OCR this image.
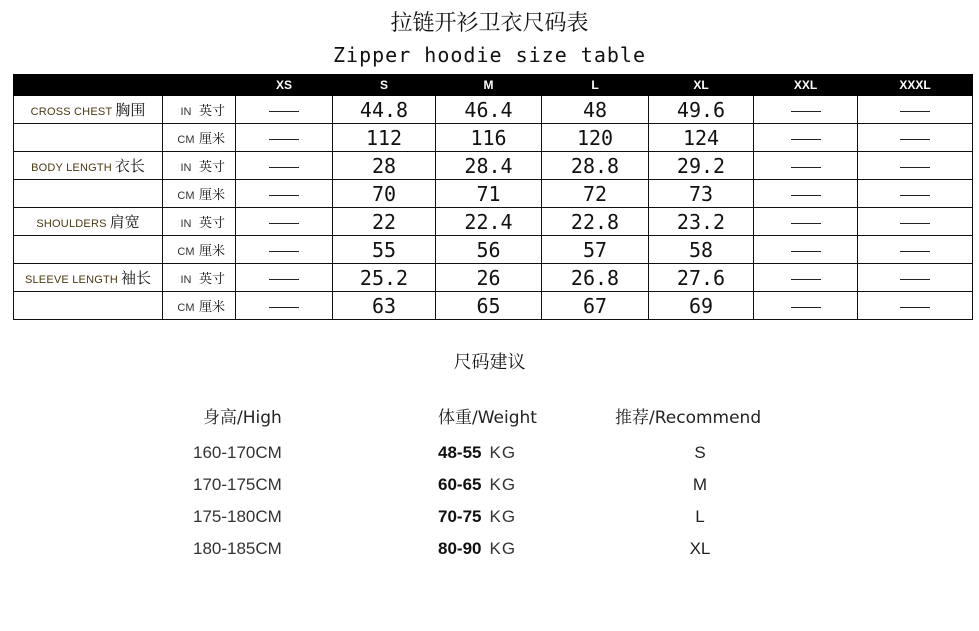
拉链开衫卫衣尺码表
Zipper hoodie size table
		XS	S	M	L	XL	XXL	XXXL
CROSS CHEST 胸围	IN 英寸		44.8	46.4	48	49.6		
	CM 厘米		112	116	120	124		
BODY LENGTH 衣长	IN 英寸		28	28.4	28.8	29.2		
	CM 厘米		70	71	72	73		
SHOULDERS 肩宽	IN 英寸		22	22.4	22.8	23.2		
	CM 厘米		55	56	57	58		
SLEEVE LENGTH 袖长	IN 英寸		25.2	26	26.8	27.6		
	CM 厘米		63	65	67	69		
尺码建议
身高/High	体重/Weight	推荐/Recommend
160-170CM	48-55 KG	S
170-175CM	60-65 KG	M
175-180CM	70-75 KG	L
180-185CM	80-90 KG	XL
